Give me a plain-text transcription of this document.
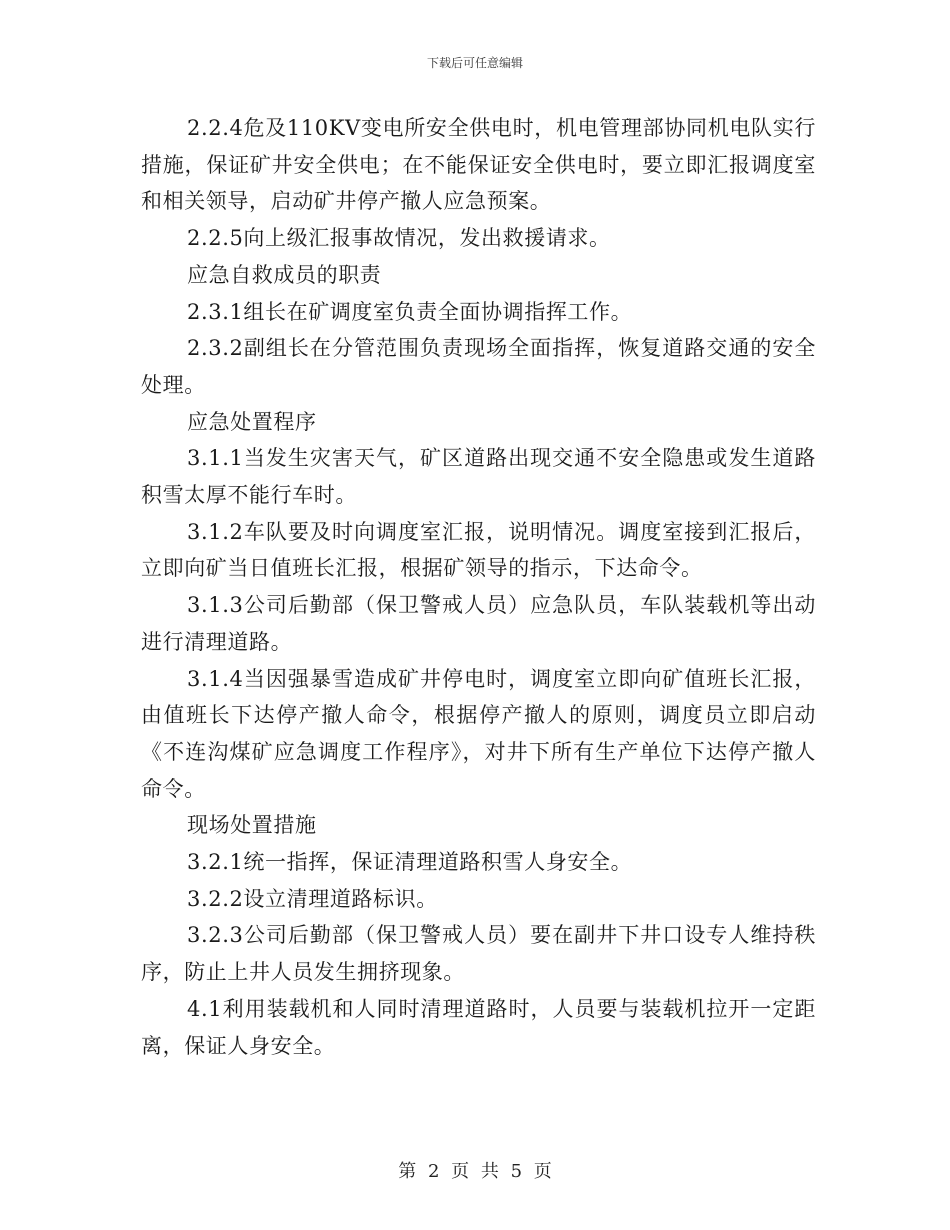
下载后可任意编辑

2.2.4危及110KV变电所安全供电时，机电管理部协同机电队实行措施，保证矿井安全供电；在不能保证安全供电时，要立即汇报调度室和相关领导，启动矿井停产撤人应急预案。

2.2.5向上级汇报事故情况，发出救援请求。

应急自救成员的职责

2.3.1组长在矿调度室负责全面协调指挥工作。

2.3.2副组长在分管范围负责现场全面指挥，恢复道路交通的安全处理。

应急处置程序

3.1.1当发生灾害天气，矿区道路出现交通不安全隐患或发生道路积雪太厚不能行车时。

3.1.2车队要及时向调度室汇报，说明情况。调度室接到汇报后，立即向矿当日值班长汇报，根据矿领导的指示，下达命令。

3.1.3公司后勤部（保卫警戒人员）应急队员，车队装载机等出动进行清理道路。

3.1.4当因强暴雪造成矿井停电时，调度室立即向矿值班长汇报，由值班长下达停产撤人命令，根据停产撤人的原则，调度员立即启动《不连沟煤矿应急调度工作程序》，对井下所有生产单位下达停产撤人命令。

现场处置措施

3.2.1统一指挥，保证清理道路积雪人身安全。

3.2.2设立清理道路标识。

3.2.3公司后勤部（保卫警戒人员）要在副井下井口设专人维持秩序，防止上井人员发生拥挤现象。

4.1利用装载机和人同时清理道路时，人员要与装载机拉开一定距离，保证人身安全。

第 2 页 共 5 页
